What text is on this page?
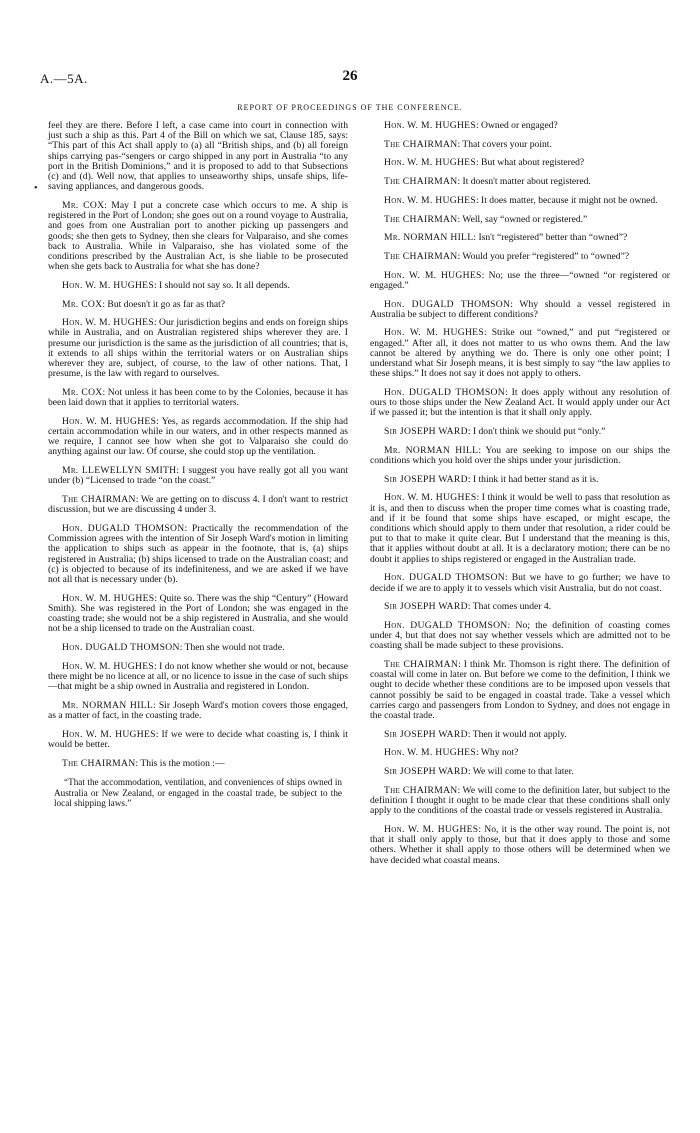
A.—5A.	26
REPORT OF PROCEEDINGS OF THE CONFERENCE.
•

feel they are there. Before I left, a case came into court in connection with just such a ship as this. Part 4 of the Bill on which we sat, Clause 185, says: “This part of this Act shall apply to (a) all “British ships, and (b) all foreign ships carrying pas-“sengers or cargo shipped in any port in Australia “to any port in the British Dominions,” and it is proposed to add to that Subsections (c) and (d). Well now, that applies to unseaworthy ships, unsafe ships, life-saving appliances, and dangerous goods.

Mr. COX: May I put a concrete case which occurs to me. A ship is registered in the Port of London; she goes out on a round voyage to Australia, and goes from one Australian port to another picking up passengers and goods; she then gets to Sydney, then she clears for Valparaiso, and she comes back to Australia. While in Valparaiso, she has violated some of the conditions prescribed by the Australian Act, is she liable to be prosecuted when she gets back to Australia for what she has done?

Hon. W. M. HUGHES: I should not say so. It all depends.

Mr. COX: But doesn't it go as far as that?

Hon. W. M. HUGHES: Our jurisdiction begins and ends on foreign ships while in Australia, and on Australian registered ships wherever they are. I presume our jurisdiction is the same as the jurisdiction of all countries; that is, it extends to all ships within the territorial waters or on Australian ships wherever they are, subject, of course, to the law of other nations. That, I presume, is the law with regard to ourselves.

Mr. COX: Not unless it has been come to by the Colonies, because it has been laid down that it applies to territorial waters.

Hon. W. M. HUGHES: Yes, as regards accommodation. If the ship had certain accommodation while in our waters, and in other respects manned as we require, I cannot see how when she got to Valparaiso she could do anything against our law. Of course, she could stop up the ventilation.

Mr. LLEWELLYN SMITH: I suggest you have really got all you want under (b) “Licensed to trade “on the coast.”

The CHAIRMAN: We are getting on to discuss 4. I don't want to restrict discussion, but we are discussing 4 under 3.

Hon. DUGALD THOMSON: Practically the recommendation of the Commission agrees with the intention of Sir Joseph Ward's motion in limiting the application to ships such as appear in the footnote, that is, (a) ships registered in Australia; (b) ships licensed to trade on the Australian coast; and (c) is objected to because of its indefiniteness, and we are asked if we have not all that is necessary under (b).

Hon. W. M. HUGHES: Quite so. There was the ship “Century” (Howard Smith). She was registered in the Port of London; she was engaged in the coasting trade; she would not be a ship registered in Australia, and she would not be a ship licensed to trade on the Australian coast.

Hon. DUGALD THOMSON: Then she would not trade.

Hon. W. M. HUGHES: I do not know whether she would or not, because there might be no licence at all, or no licence to issue in the case of such ships—that might be a ship owned in Australia and registered in London.

Mr. NORMAN HILL: Sir Joseph Ward's motion covers those engaged, as a matter of fact, in the coasting trade.

Hon. W. M. HUGHES: If we were to decide what coasting is, I think it would be better.

The CHAIRMAN: This is the motion :—

“That the accommodation, ventilation, and conveniences of ships owned in Australia or New Zealand, or engaged in the coastal trade, be subject to the local shipping laws.”

Hon. W. M. HUGHES: Owned or engaged?

The CHAIRMAN: That covers your point.

Hon. W. M. HUGHES: But what about registered?

The CHAIRMAN: It doesn't matter about registered.

Hon. W. M. HUGHES: It does matter, because it might not be owned.

The CHAIRMAN: Well, say “owned or registered.”

Mr. NORMAN HILL: Isn't “registered” better than “owned”?

The CHAIRMAN: Would you prefer “registered” to “owned”?

Hon. W. M. HUGHES: No; use the three—“owned “or registered or engaged.”

Hon. DUGALD THOMSON: Why should a vessel registered in Australia be subject to different conditions?

Hon. W. M. HUGHES: Strike out “owned,” and put “registered or engaged.” After all, it does not matter to us who owns them. And the law cannot be altered by anything we do. There is only one other point; I understand what Sir Joseph means, it is best simply to say “the law applies to these ships.” It does not say it does not apply to others.

Hon. DUGALD THOMSON: It does apply without any resolution of ours to those ships under the New Zealand Act. It would apply under our Act if we passed it; but the intention is that it shall only apply.

Sir JOSEPH WARD: I don't think we should put “only.”

Mr. NORMAN HILL: You are seeking to impose on our ships the conditions which you hold over the ships under your jurisdiction.

Sir JOSEPH WARD: I think it had better stand as it is.

Hon. W. M. HUGHES: I think it would be well to pass that resolution as it is, and then to discuss when the proper time comes what is coasting trade, and if it be found that some ships have escaped, or might escape, the conditions which should apply to them under that resolution, a rider could be put to that to make it quite clear. But I understand that the meaning is this, that it applies without doubt at all. It is a declaratory motion; there can be no doubt it applies to ships registered or engaged in the Australian trade.

Hon. DUGALD THOMSON: But we have to go further; we have to decide if we are to apply it to vessels which visit Australia, but do not coast.

Sir JOSEPH WARD: That comes under 4.

Hon. DUGALD THOMSON: No; the definition of coasting comes under 4, but that does not say whether vessels which are admitted not to be coasting shall be made subject to these provisions.

The CHAIRMAN: I think Mr. Thomson is right there. The definition of coastal will come in later on. But before we come to the definition, I think we ought to decide whether these conditions are to be imposed upon vessels that cannot possibly be said to be engaged in coastal trade. Take a vessel which carries cargo and passengers from London to Sydney, and does not engage in the coastal trade.

Sir JOSEPH WARD: Then it would not apply.

Hon. W. M. HUGHES: Why not?

Sir JOSEPH WARD: We will come to that later.

The CHAIRMAN: We will come to the definition later, but subject to the definition I thought it ought to be made clear that these conditions shall only apply to the conditions of the coastal trade or vessels registered in Australia.

Hon. W. M. HUGHES: No, it is the other way round. The point is, not that it shall only apply to those, but that it does apply to those and some others. Whether it shall apply to those others will be determined when we have decided what coastal means.
